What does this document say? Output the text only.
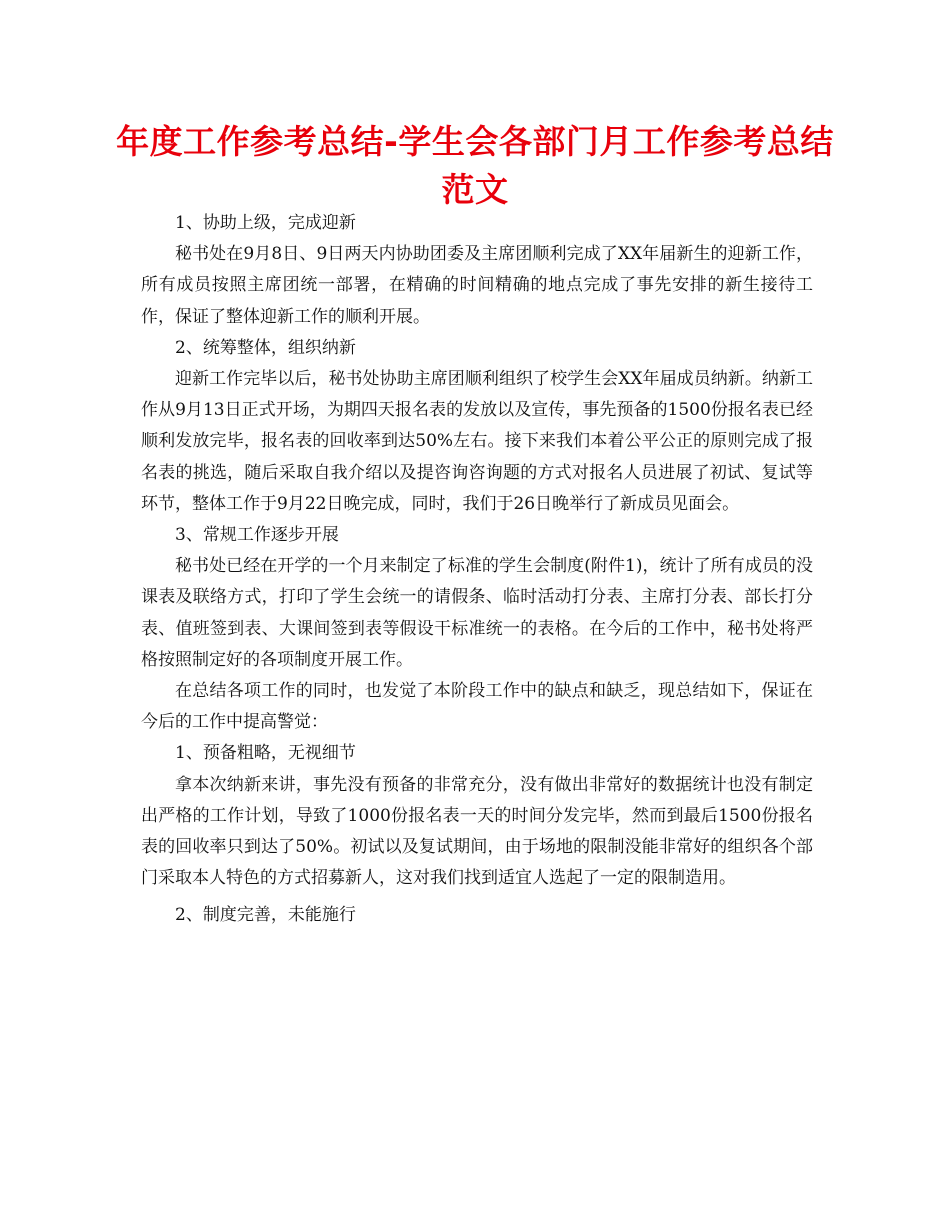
年度工作参考总结-学生会各部门月工作参考总结范文

1、协助上级，完成迎新

秘书处在9月8日、9日两天内协助团委及主席团顺利完成了XX年届新生的迎新工作，所有成员按照主席团统一部署，在精确的时间精确的地点完成了事先安排的新生接待工作，保证了整体迎新工作的顺利开展。

2、统筹整体，组织纳新

迎新工作完毕以后，秘书处协助主席团顺利组织了校学生会XX年届成员纳新。纳新工作从9月13日正式开场，为期四天报名表的发放以及宣传，事先预备的1500份报名表已经顺利发放完毕，报名表的回收率到达50%左右。接下来我们本着公平公正的原则完成了报名表的挑选，随后采取自我介绍以及提咨询咨询题的方式对报名人员进展了初试、复试等环节，整体工作于9月22日晚完成，同时，我们于26日晚举行了新成员见面会。

3、常规工作逐步开展

秘书处已经在开学的一个月来制定了标准的学生会制度(附件1)，统计了所有成员的没课表及联络方式，打印了学生会统一的请假条、临时活动打分表、主席打分表、部长打分表、值班签到表、大课间签到表等假设干标准统一的表格。在今后的工作中，秘书处将严格按照制定好的各项制度开展工作。

在总结各项工作的同时，也发觉了本阶段工作中的缺点和缺乏，现总结如下，保证在今后的工作中提高警觉：

1、预备粗略，无视细节

拿本次纳新来讲，事先没有预备的非常充分，没有做出非常好的数据统计也没有制定出严格的工作计划，导致了1000份报名表一天的时间分发完毕，然而到最后1500份报名表的回收率只到达了50%。初试以及复试期间，由于场地的限制没能非常好的组织各个部门采取本人特色的方式招募新人，这对我们找到适宜人选起了一定的限制造用。

2、制度完善，未能施行
